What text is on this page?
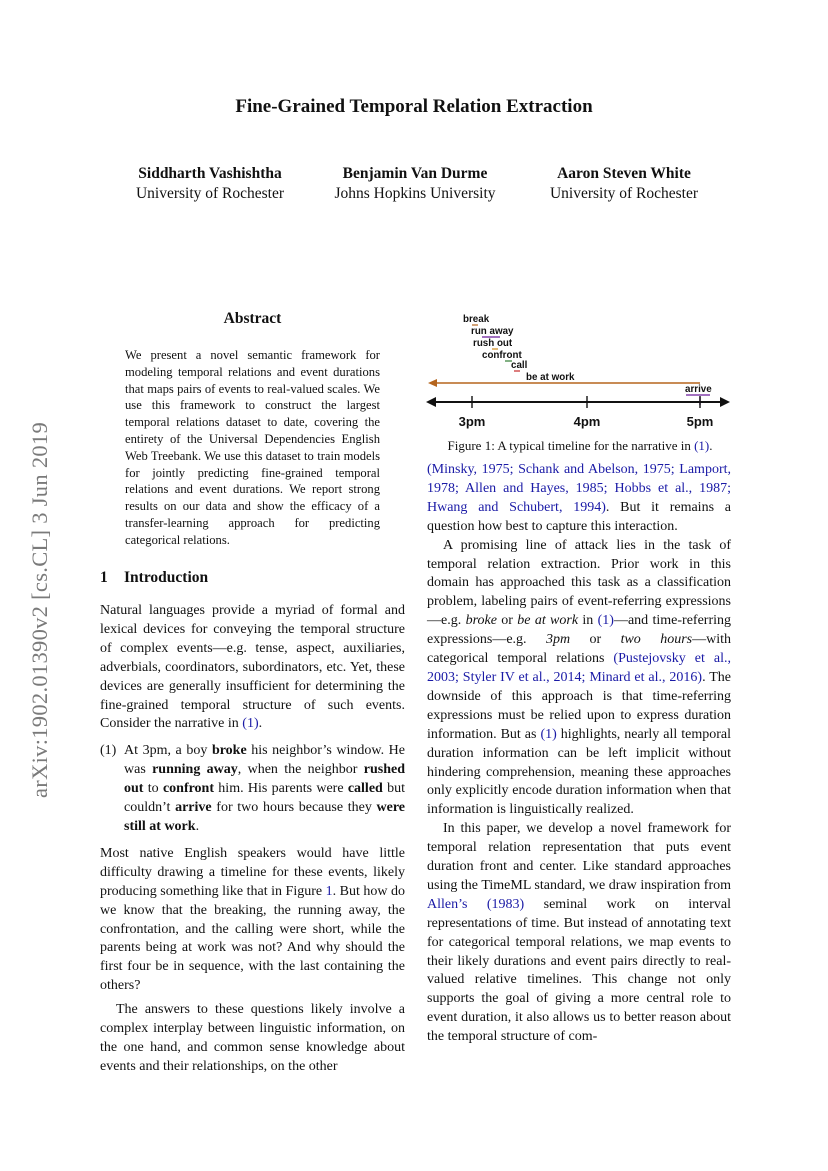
arXiv:1902.01390v2 [cs.CL] 3 Jun 2019
Fine-Grained Temporal Relation Extraction
Siddharth Vashishtha
University of Rochester
Benjamin Van Durme
Johns Hopkins University
Aaron Steven White
University of Rochester
Abstract
We present a novel semantic framework for modeling temporal relations and event durations that maps pairs of events to real-valued scales. We use this framework to construct the largest temporal relations dataset to date, covering the entirety of the Universal Dependencies English Web Treebank. We use this dataset to train models for jointly predicting fine-grained temporal relations and event durations. We report strong results on our data and show the efficacy of a transfer-learning approach for predicting categorical relations.
1 Introduction

Natural languages provide a myriad of formal and lexical devices for conveying the temporal structure of complex events—e.g. tense, aspect, auxiliaries, adverbials, coordinators, subordinators, etc. Yet, these devices are generally insufficient for determining the fine-grained temporal structure of such events. Consider the narrative in (1).

(1) At 3pm, a boy broke his neighbor’s window. He was running away, when the neighbor rushed out to confront him. His parents were called but couldn’t arrive for two hours because they were still at work.

Most native English speakers would have little difficulty drawing a timeline for these events, likely producing something like that in Figure 1. But how do we know that the breaking, the running away, the confrontation, and the calling were short, while the parents being at work was not? And why should the first four be in sequence, with the last containing the others?

The answers to these questions likely involve a complex interplay between linguistic information, on the one hand, and common sense knowledge about events and their relationships, on the other

break
run away
rush out
confront
call
be at work
arrive
3pm	4pm	5pm
Figure 1: A typical timeline for the narrative in (1).

(Minsky, 1975; Schank and Abelson, 1975; Lamport, 1978; Allen and Hayes, 1985; Hobbs et al., 1987; Hwang and Schubert, 1994). But it remains a question how best to capture this interaction.

A promising line of attack lies in the task of temporal relation extraction. Prior work in this domain has approached this task as a classification problem, labeling pairs of event-referring expressions—e.g. broke or be at work in (1)—and time-referring expressions—e.g. 3pm or two hours—with categorical temporal relations (Pustejovsky et al., 2003; Styler IV et al., 2014; Minard et al., 2016). The downside of this approach is that time-referring expressions must be relied upon to express duration information. But as (1) highlights, nearly all temporal duration information can be left implicit without hindering comprehension, meaning these approaches only explicitly encode duration information when that information is linguistically realized.

In this paper, we develop a novel framework for temporal relation representation that puts event duration front and center. Like standard approaches using the TimeML standard, we draw inspiration from Allen’s (1983) seminal work on interval representations of time. But instead of annotating text for categorical temporal relations, we map events to their likely durations and event pairs directly to real-valued relative timelines. This change not only supports the goal of giving a more central role to event duration, it also allows us to better reason about the temporal structure of com-
